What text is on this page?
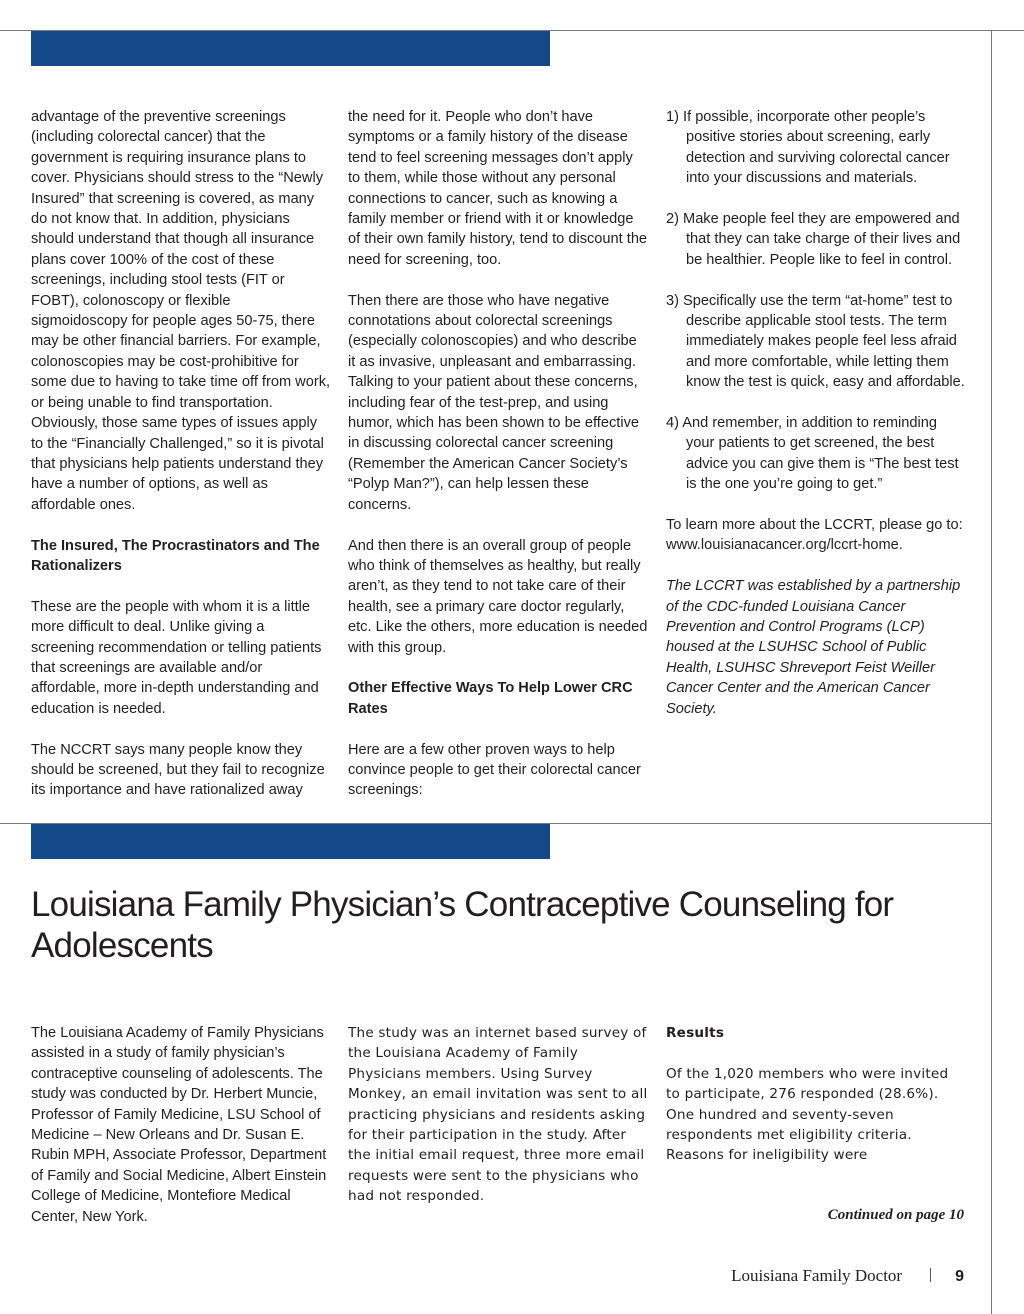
advantage of the preventive screenings (including colorectal cancer) that the government is requiring insurance plans to cover. Physicians should stress to the “Newly Insured” that screening is covered, as many do not know that. In addition, physicians should understand that though all insurance plans cover 100% of the cost of these screenings, including stool tests (FIT or FOBT), colonoscopy or flexible sigmoidoscopy for people ages 50-75, there may be other financial barriers. For example, colonoscopies may be cost-prohibitive for some due to having to take time off from work, or being unable to find transportation. Obviously, those same types of issues apply to the “Financially Challenged,” so it is pivotal that physicians help patients understand they have a number of options, as well as affordable ones.

The Insured, The Procrastinators and The Rationalizers

These are the people with whom it is a little more difficult to deal. Unlike giving a screening recommendation or telling patients that screenings are available and/or affordable, more in-depth understanding and education is needed.

The NCCRT says many people know they should be screened, but they fail to recognize its importance and have rationalized away

the need for it. People who don’t have symptoms or a family history of the disease tend to feel screening messages don’t apply to them, while those without any personal connections to cancer, such as knowing a family member or friend with it or knowledge of their own family history, tend to discount the need for screening, too.

Then there are those who have negative connotations about colorectal screenings (especially colonoscopies) and who describe it as invasive, unpleasant and embarrassing. Talking to your patient about these concerns, including fear of the test-prep, and using humor, which has been shown to be effective in discussing colorectal cancer screening (Remember the American Cancer Society’s “Polyp Man?”), can help lessen these concerns.

And then there is an overall group of people who think of themselves as healthy, but really aren’t, as they tend to not take care of their health, see a primary care doctor regularly, etc. Like the others, more education is needed with this group.

Other Effective Ways To Help Lower CRC Rates

Here are a few other proven ways to help convince people to get their colorectal cancer screenings:

1) If possible, incorporate other people’s positive stories about screening, early detection and surviving colorectal cancer into your discussions and materials.

2) Make people feel they are empowered and that they can take charge of their lives and be healthier. People like to feel in control.

3) Specifically use the term “at-home” test to describe applicable stool tests. The term immediately makes people feel less afraid and more comfortable, while letting them know the test is quick, easy and affordable.

4) And remember, in addition to reminding your patients to get screened, the best advice you can give them is “The best test is the one you’re going to get.”

To learn more about the LCCRT, please go to: www.louisianacancer.org/lccrt-home.

The LCCRT was established by a partnership of the CDC-funded Louisiana Cancer Prevention and Control Programs (LCP) housed at the LSUHSC School of Public Health, LSUHSC Shreveport Feist Weiller Cancer Center and the American Cancer Society.

Louisiana Family Physician’s Contraceptive Counseling for Adolescents

The Louisiana Academy of Family Physicians assisted in a study of family physician’s contraceptive counseling of adolescents. The study was conducted by Dr. Herbert Muncie, Professor of Family Medicine, LSU School of Medicine – New Orleans and Dr. Susan E. Rubin MPH, Associate Professor, Department of Family and Social Medicine, Albert Einstein College of Medicine, Montefiore Medical Center, New York.

The study was an internet based survey of the Louisiana Academy of Family Physicians members. Using Survey Monkey, an email invitation was sent to all practicing physicians and residents asking for their participation in the study. After the initial email request, three more email requests were sent to the physicians who had not responded.

Results

Of the 1,020 members who were invited to participate, 276 responded (28.6%). One hundred and seventy-seven respondents met eligibility criteria. Reasons for ineligibility were

Continued on page 10
Louisiana Family Doctor	9
